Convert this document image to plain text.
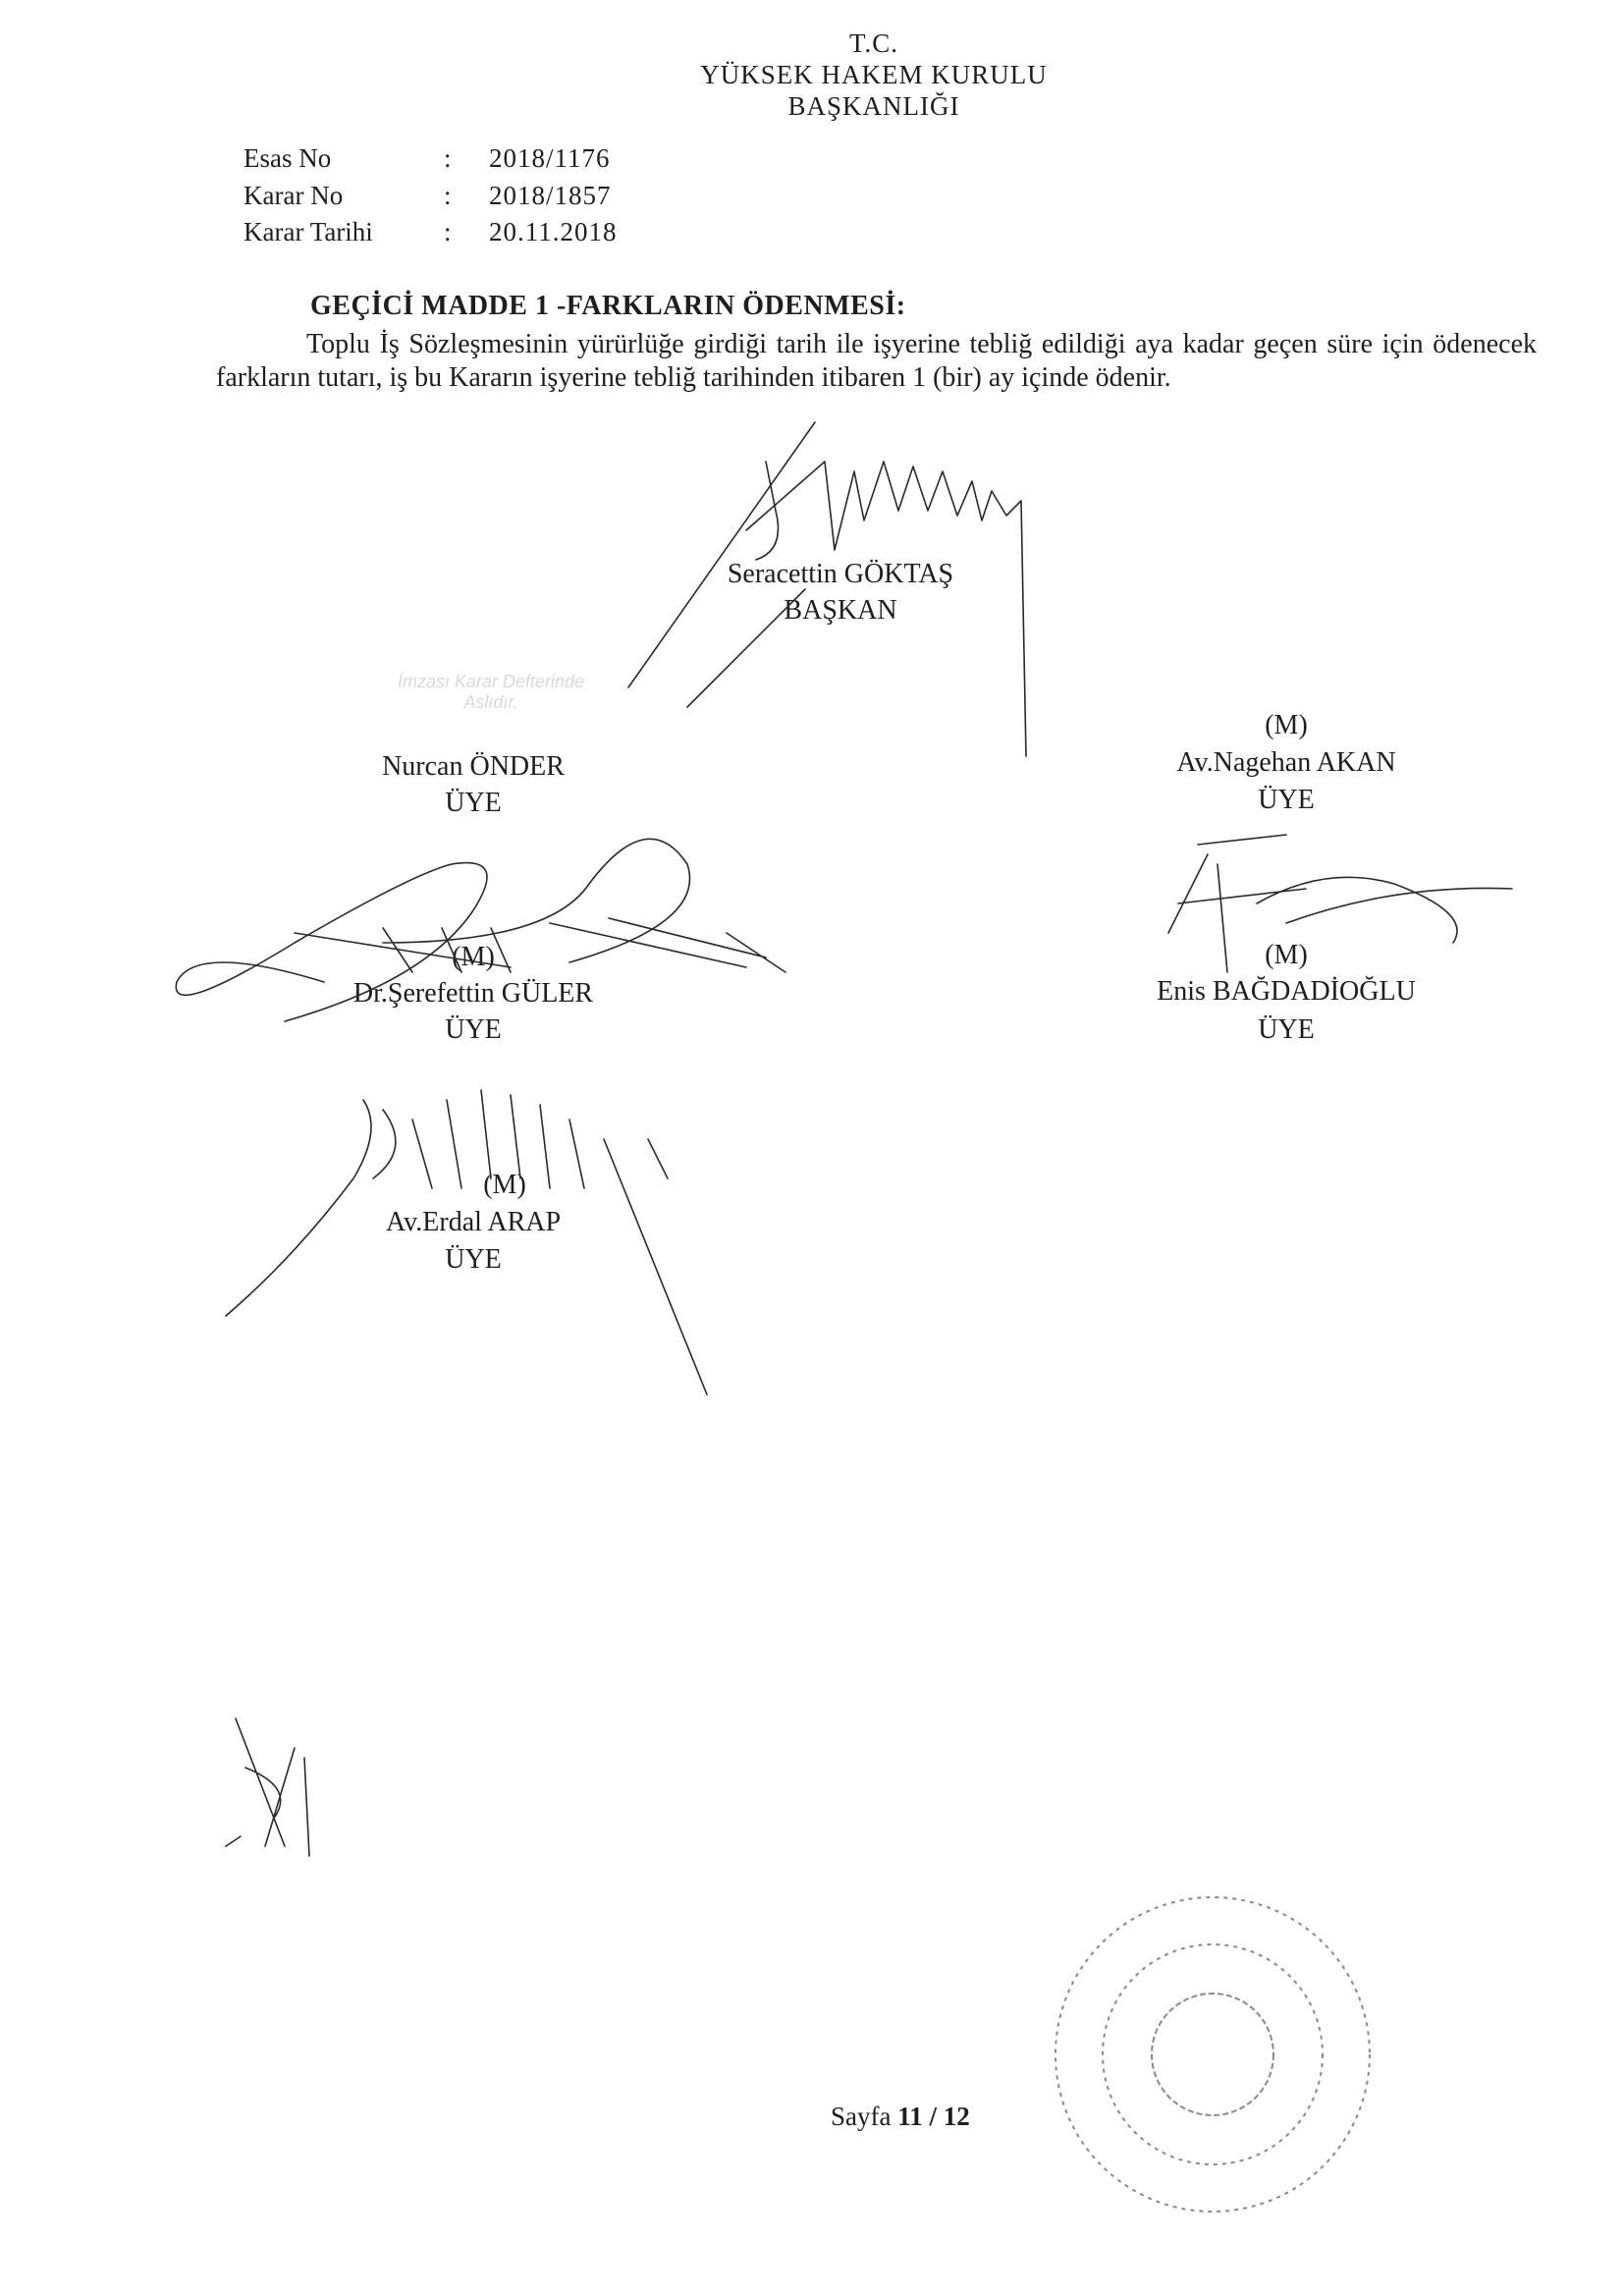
T.C.
YÜKSEK HAKEM KURULU
BAŞKANLIĞI
Esas No	: 2018/1176
Karar No	: 2018/1857
Karar Tarihi	: 20.11.2018
GEÇİCİ MADDE 1 -FARKLARIN ÖDENMESİ:
Toplu İş Sözleşmesinin yürürlüğe girdiği tarih ile işyerine tebliğ edildiği aya kadar geçen süre için ödenecek farkların tutarı, iş bu Kararın işyerine tebliğ tarihinden itibaren 1 (bir) ay içinde ödenir.
İmzası Karar Defterinde
Aslıdır.
Seracettin GÖKTAŞ
BAŞKAN
Nurcan ÖNDER
ÜYE
(M)
Av.Nagehan AKAN
ÜYE
(M)
Dr.Şerefettin GÜLER
ÜYE
(M)
Enis BAĞDADİOĞLU
ÜYE
(M)
Av.Erdal ARAP
ÜYE
Sayfa 11 / 12
